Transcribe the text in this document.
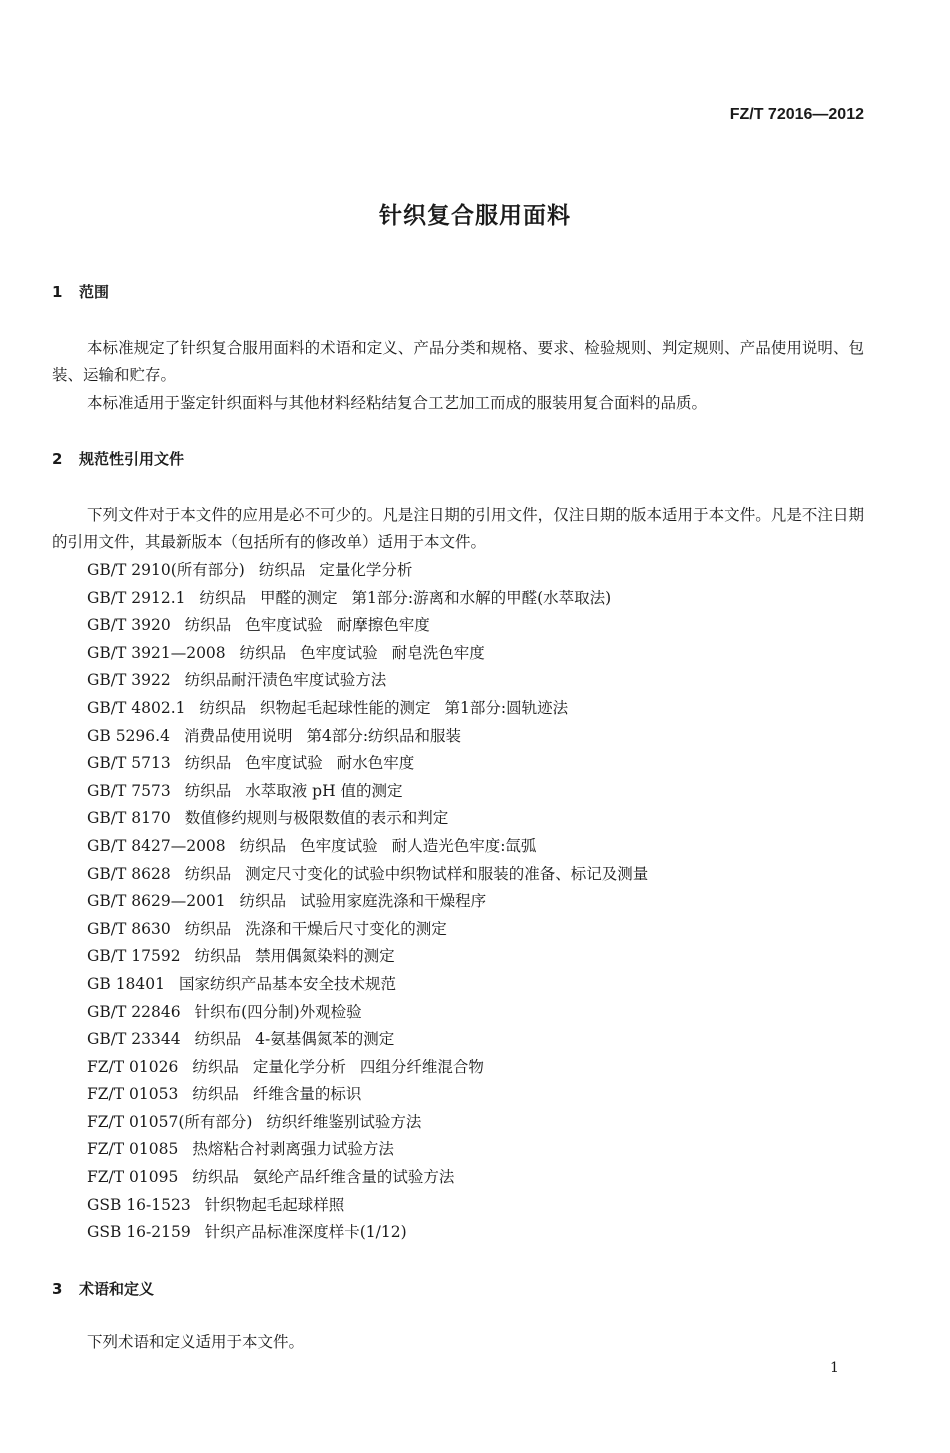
FZ/T 72016—2012
针织复合服用面料
1 范围
本标准规定了针织复合服用面料的术语和定义、产品分类和规格、要求、检验规则、判定规则、产品使用说明、包装、运输和贮存。
本标准适用于鉴定针织面料与其他材料经粘结复合工艺加工而成的服装用复合面料的品质。
2 规范性引用文件
下列文件对于本文件的应用是必不可少的。凡是注日期的引用文件，仅注日期的版本适用于本文件。凡是不注日期的引用文件，其最新版本（包括所有的修改单）适用于本文件。
GB/T 2910(所有部分) 纺织品 定量化学分析
GB/T 2912.1 纺织品 甲醛的测定 第1部分:游离和水解的甲醛(水萃取法)
GB/T 3920 纺织品 色牢度试验 耐摩擦色牢度
GB/T 3921—2008 纺织品 色牢度试验 耐皂洗色牢度
GB/T 3922 纺织品耐汗渍色牢度试验方法
GB/T 4802.1 纺织品 织物起毛起球性能的测定 第1部分:圆轨迹法
GB 5296.4 消费品使用说明 第4部分:纺织品和服装
GB/T 5713 纺织品 色牢度试验 耐水色牢度
GB/T 7573 纺织品 水萃取液 pH 值的测定
GB/T 8170 数值修约规则与极限数值的表示和判定
GB/T 8427—2008 纺织品 色牢度试验 耐人造光色牢度:氙弧
GB/T 8628 纺织品 测定尺寸变化的试验中织物试样和服装的准备、标记及测量
GB/T 8629—2001 纺织品 试验用家庭洗涤和干燥程序
GB/T 8630 纺织品 洗涤和干燥后尺寸变化的测定
GB/T 17592 纺织品 禁用偶氮染料的测定
GB 18401 国家纺织产品基本安全技术规范
GB/T 22846 针织布(四分制)外观检验
GB/T 23344 纺织品 4-氨基偶氮苯的测定
FZ/T 01026 纺织品 定量化学分析 四组分纤维混合物
FZ/T 01053 纺织品 纤维含量的标识
FZ/T 01057(所有部分) 纺织纤维鉴别试验方法
FZ/T 01085 热熔粘合衬剥离强力试验方法
FZ/T 01095 纺织品 氨纶产品纤维含量的试验方法
GSB 16-1523 针织物起毛起球样照
GSB 16-2159 针织产品标准深度样卡(1/12)
3 术语和定义
下列术语和定义适用于本文件。
1
